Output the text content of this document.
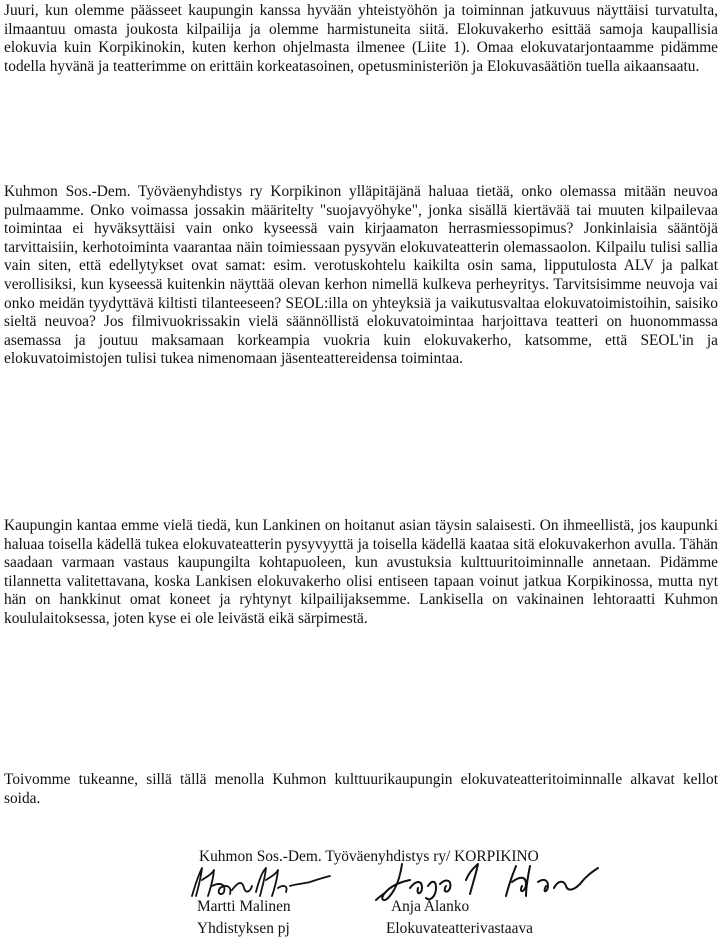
Juuri, kun olemme päässeet kaupungin kanssa hyvään yhteistyöhön ja toiminnan jatkuvuus näyttäisi turvatulta, ilmaantuu omasta joukosta kilpailija ja olemme harmistuneita siitä. Elokuvakerho esittää samoja kaupallisia elokuvia kuin Korpikinokin, kuten kerhon ohjelmasta ilmenee (Liite 1). Omaa elokuvatarjontaamme pidämme todella hyvänä ja teatterimme on erittäin korkeatasoinen, opetusministeriön ja Elokuvasäätiön tuella aikaansaatu.

Kuhmon Sos.-Dem. Työväenyhdistys ry Korpikinon ylläpitäjänä haluaa tietää, onko olemassa mitään neuvoa pulmaamme. Onko voimassa jossakin määritelty "suojavyöhyke", jonka sisällä kiertävää tai muuten kilpailevaa toimintaa ei hyväksyttäisi vain onko kyseessä vain kirjaamaton herrasmiessopimus? Jonkinlaisia sääntöjä tarvittaisiin, kerhotoiminta vaarantaa näin toimiessaan pysyvän elokuvateatterin olemassaolon. Kilpailu tulisi sallia vain siten, että edellytykset ovat samat: esim. verotuskohtelu kaikilta osin sama, lipputulosta ALV ja palkat verollisiksi, kun kyseessä kuitenkin näyttää olevan kerhon nimellä kulkeva perheyritys. Tarvitsisimme neuvoja vai onko meidän tyydyttävä kiltisti tilanteeseen? SEOL:illa on yhteyksiä ja vaikutusvaltaa elokuvatoimistoihin, saisiko sieltä neuvoa? Jos filmivuokrissakin vielä säännöllistä elokuvatoimintaa harjoittava teatteri on huonommassa asemassa ja joutuu maksamaan korkeampia vuokria kuin elokuvakerho, katsomme, että SEOL'in ja elokuvatoimistojen tulisi tukea nimenomaan jäsenteattereidensa toimintaa.

Kaupungin kantaa emme vielä tiedä, kun Lankinen on hoitanut asian täysin salaisesti. On ihmeellistä, jos kaupunki haluaa toisella kädellä tukea elokuvateatterin pysyvyyttä ja toisella kädellä kaataa sitä elokuvakerhon avulla. Tähän saadaan varmaan vastaus kaupungilta kohtapuoleen, kun avustuksia kulttuuritoiminnalle annetaan. Pidämme tilannetta valitettavana, koska Lankisen elokuvakerho olisi entiseen tapaan voinut jatkua Korpikinossa, mutta nyt hän on hankkinut omat koneet ja ryhtynyt kilpailijaksemme. Lankisella on vakinainen lehtoraatti Kuhmon koululaitoksessa, joten kyse ei ole leivästä eikä särpimestä.

Toivomme tukeanne, sillä tällä menolla Kuhmon kulttuurikaupungin elokuvateatteritoiminnalle alkavat kellot soida.

Kuhmon Sos.-Dem. Työväenyhdistys ry/ KORPIKINO
Martti Malinen
Yhdistyksen pj
Anja Alanko
Elokuvateatterivastaava
